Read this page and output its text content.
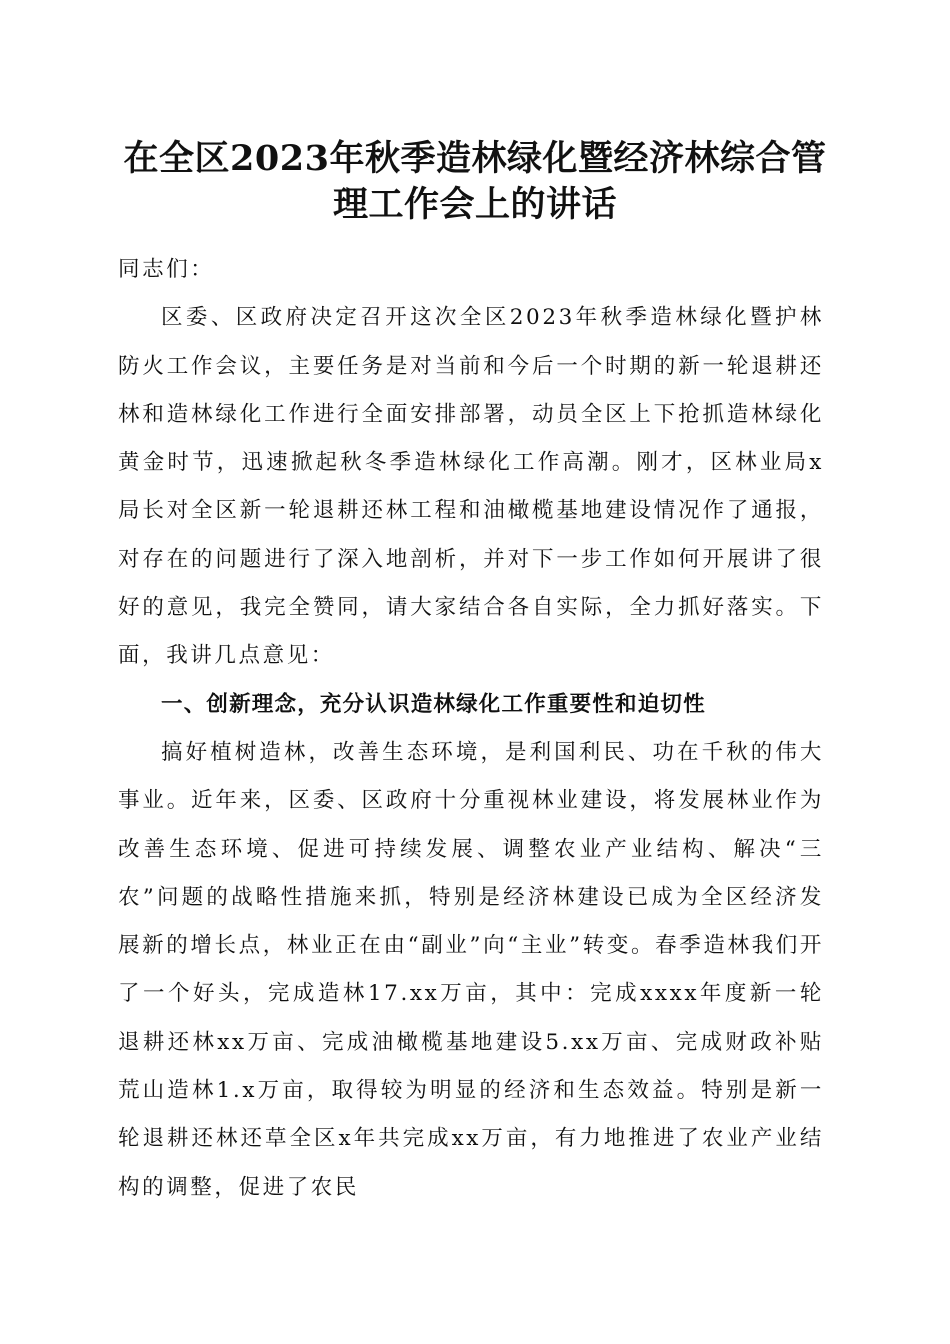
在全区2023年秋季造林绿化暨经济林综合管理工作会上的讲话

同志们：

区委、区政府决定召开这次全区2023年秋季造林绿化暨护林防火工作会议，主要任务是对当前和今后一个时期的新一轮退耕还林和造林绿化工作进行全面安排部署，动员全区上下抢抓造林绿化黄金时节，迅速掀起秋冬季造林绿化工作高潮。刚才，区林业局x局长对全区新一轮退耕还林工程和油橄榄基地建设情况作了通报，对存在的问题进行了深入地剖析，并对下一步工作如何开展讲了很好的意见，我完全赞同，请大家结合各自实际，全力抓好落实。下面，我讲几点意见：

一、创新理念，充分认识造林绿化工作重要性和迫切性

搞好植树造林，改善生态环境，是利国利民、功在千秋的伟大事业。近年来，区委、区政府十分重视林业建设，将发展林业作为改善生态环境、促进可持续发展、调整农业产业结构、解决“三农”问题的战略性措施来抓，特别是经济林建设已成为全区经济发展新的增长点，林业正在由“副业”向“主业”转变。春季造林我们开了一个好头，完成造林17.xx万亩，其中：完成xxxx年度新一轮退耕还林xx万亩、完成油橄榄基地建设5.xx万亩、完成财政补贴荒山造林1.x万亩，取得较为明显的经济和生态效益。特别是新一轮退耕还林还草全区x年共完成xx万亩，有力地推进了农业产业结构的调整，促进了农民
